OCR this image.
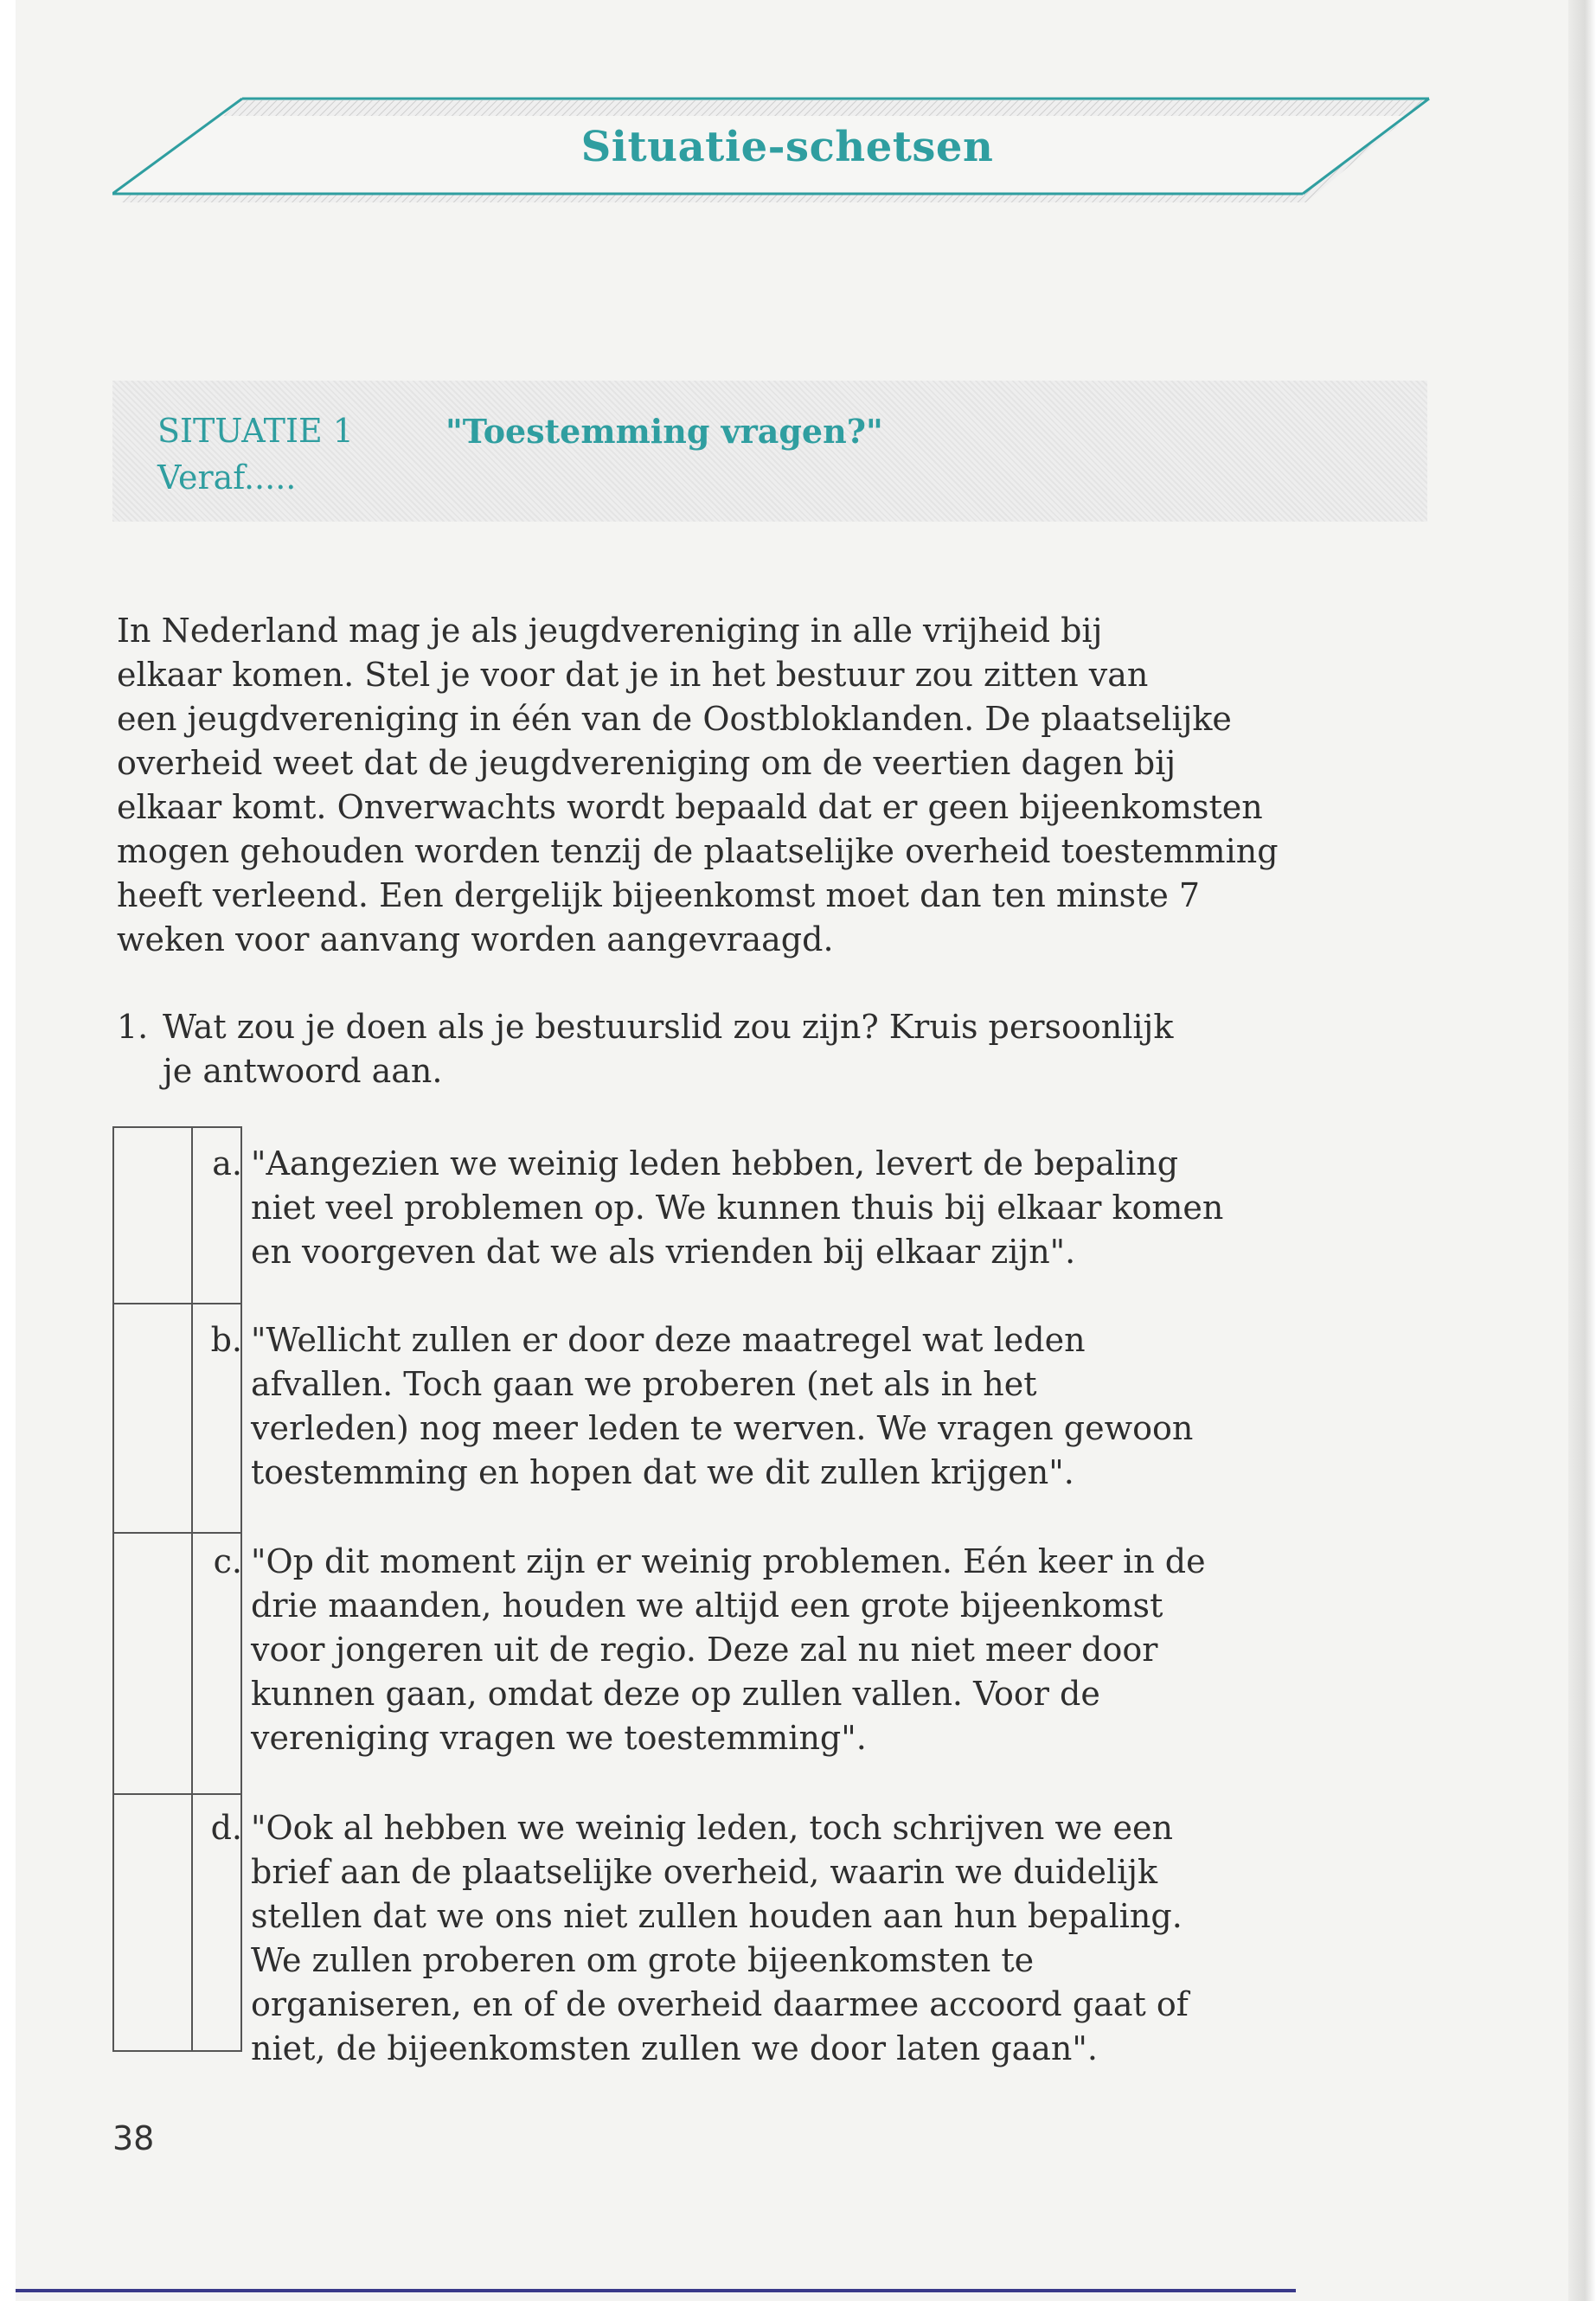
Situatie-schetsen
SITUATIE 1	"Toestemming vragen?"
Veraf.....
In Nederland mag je als jeugdvereniging in alle vrijheid bij
elkaar komen. Stel je voor dat je in het bestuur zou zitten van
een jeugdvereniging in één van de Oostbloklanden. De plaatselijke
overheid weet dat de jeugdvereniging om de veertien dagen bij
elkaar komt. Onverwachts wordt bepaald dat er geen bijeenkomsten
mogen gehouden worden tenzij de plaatselijke overheid toestemming
heeft verleend. Een dergelijk bijeenkomst moet dan ten minste 7
weken voor aanvang worden aangevraagd.
1. Wat zou je doen als je bestuurslid zou zijn? Kruis persoonlijk
je antwoord aan.
a.
b.
c.
d.
"Aangezien we weinig leden hebben, levert de bepaling
niet veel problemen op. We kunnen thuis bij elkaar komen
en voorgeven dat we als vrienden bij elkaar zijn".
"Wellicht zullen er door deze maatregel wat leden
afvallen. Toch gaan we proberen (net als in het
verleden) nog meer leden te werven. We vragen gewoon
toestemming en hopen dat we dit zullen krijgen".
"Op dit moment zijn er weinig problemen. Eén keer in de
drie maanden, houden we altijd een grote bijeenkomst
voor jongeren uit de regio. Deze zal nu niet meer door
kunnen gaan, omdat deze op zullen vallen. Voor de
vereniging vragen we toestemming".
"Ook al hebben we weinig leden, toch schrijven we een
brief aan de plaatselijke overheid, waarin we duidelijk
stellen dat we ons niet zullen houden aan hun bepaling.
We zullen proberen om grote bijeenkomsten te
organiseren, en of de overheid daarmee accoord gaat of
niet, de bijeenkomsten zullen we door laten gaan".
38
